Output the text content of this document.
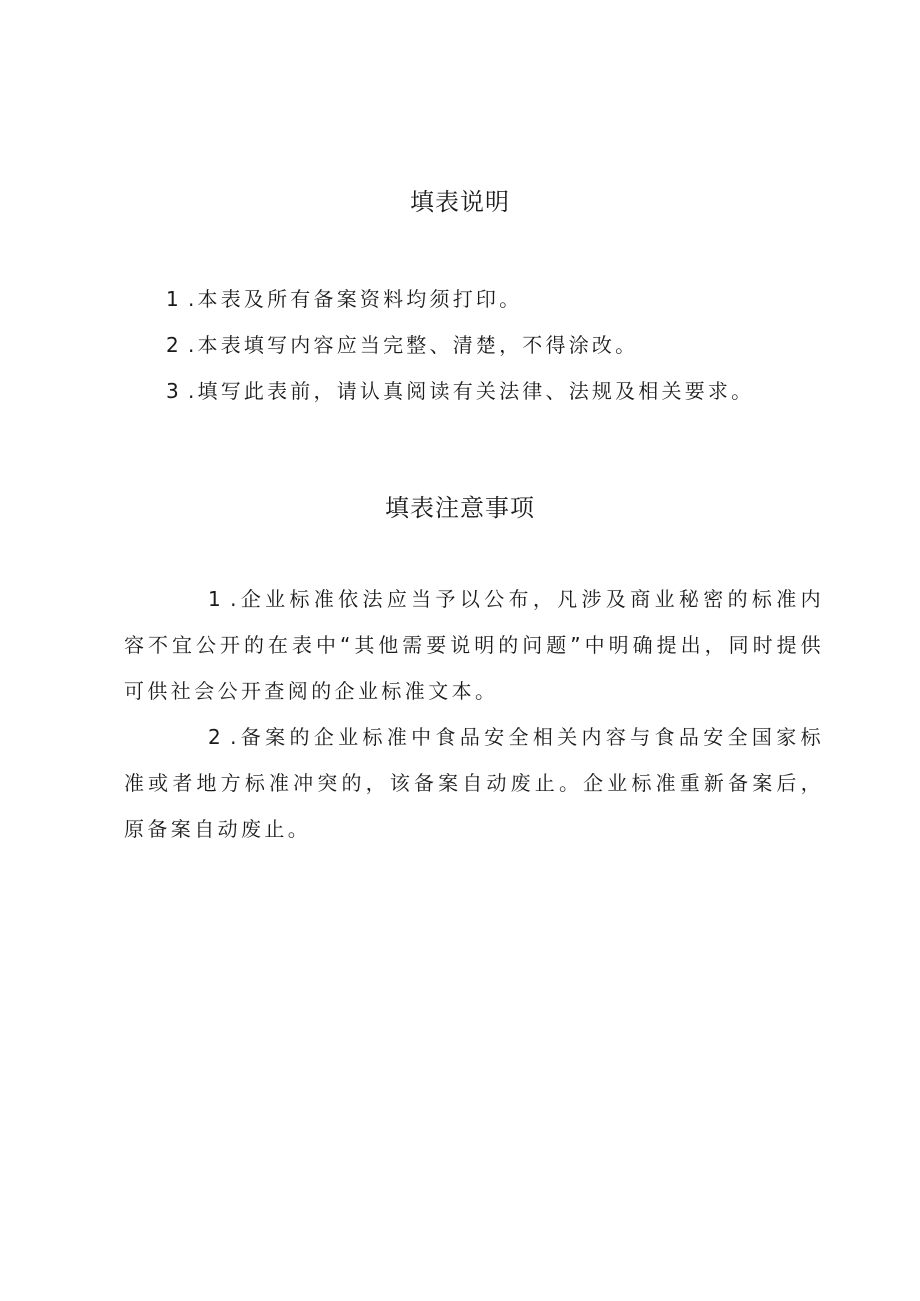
填表说明
1 .本表及所有备案资料均须打印。
2 .本表填写内容应当完整、清楚，不得涂改。
3 .填写此表前，请认真阅读有关法律、法规及相关要求。
填表注意事项

1 .企业标准依法应当予以公布，凡涉及商业秘密的标准内容不宜公开的在表中“其他需要说明的问题”中明确提出，同时提供可供社会公开查阅的企业标准文本。

2 .备案的企业标准中食品安全相关内容与食品安全国家标准或者地方标准冲突的，该备案自动废止。企业标准重新备案后，原备案自动废止。
